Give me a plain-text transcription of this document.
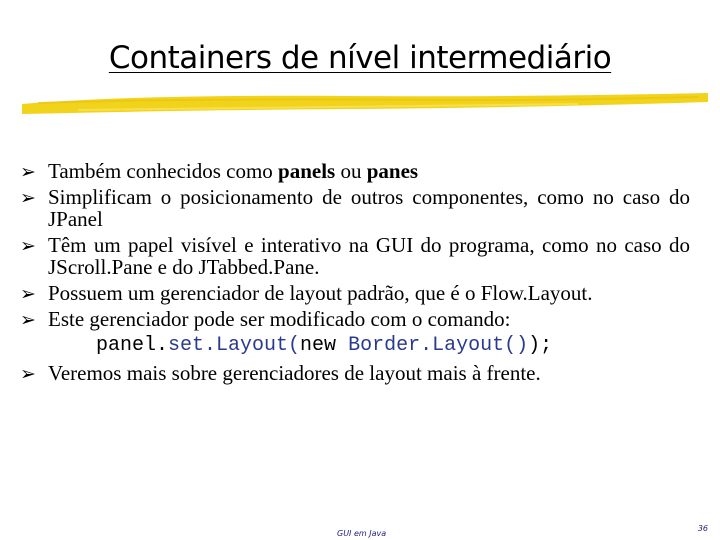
Containers de nível intermediário
➢ Também conhecidos como panels ou panes
➢ Simplificam o posicionamento de outros componentes, como no caso do JPanel
➢ Têm um papel visível e interativo na GUI do programa, como no caso do JScroll.Pane e do JTabbed.Pane.
➢ Possuem um gerenciador de layout padrão, que é o Flow.Layout.
➢ Este gerenciador pode ser modificado com o comando:
panel.set.Layout(new Border.Layout());
➢ Veremos mais sobre gerenciadores de layout mais à frente.
GUI em Java
36
